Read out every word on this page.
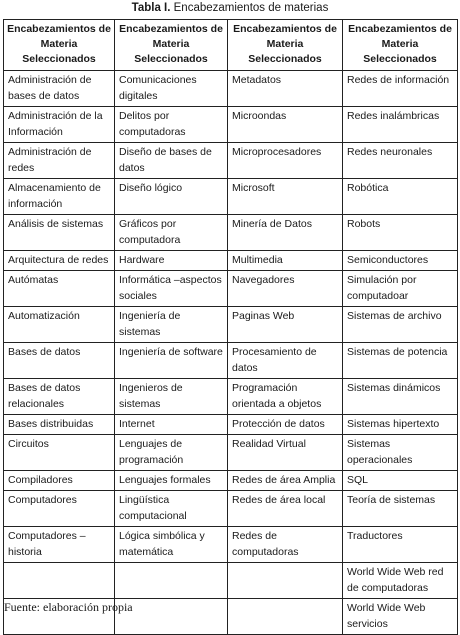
Tabla I. Encabezamientos de materias
Encabezamientos de Materia Seleccionados	Encabezamientos de Materia Seleccionados	Encabezamientos de Materia Seleccionados	Encabezamientos de Materia Seleccionados
Administración de bases de datos	Comunicaciones digitales	Metadatos	Redes de información
Administración de la Información	Delitos por computadoras	Microondas	Redes inalámbricas
Administración de redes	Diseño de bases de datos	Microprocesadores	Redes neuronales
Almacenamiento de información	Diseño lógico	Microsoft	Robótica
Análisis de sistemas	Gráficos por computadora	Minería de Datos	Robots
Arquitectura de redes	Hardware	Multimedia	Semiconductores
Autómatas	Informática –aspectos sociales	Navegadores	Simulación por computadoar
Automatización	Ingeniería de sistemas	Paginas Web	Sistemas de archivo
Bases de datos	Ingeniería de software	Procesamiento de datos	Sistemas de potencia
Bases de datos relacionales	Ingenieros de sistemas	Programación orientada a objetos	Sistemas dinámicos
Bases distribuidas	Internet	Protección de datos	Sistemas hipertexto
Circuitos	Lenguajes de programación	Realidad Virtual	Sistemas operacionales
Compiladores	Lenguajes formales	Redes de área Amplia	SQL
Computadores	Lingüística computacional	Redes de área local	Teoría de sistemas
Computadores –historia	Lógica simbólica y matemática	Redes de computadoras	Traductores
			World Wide Web red de computadoras
			World Wide Web servicios
Fuente: elaboración propia
